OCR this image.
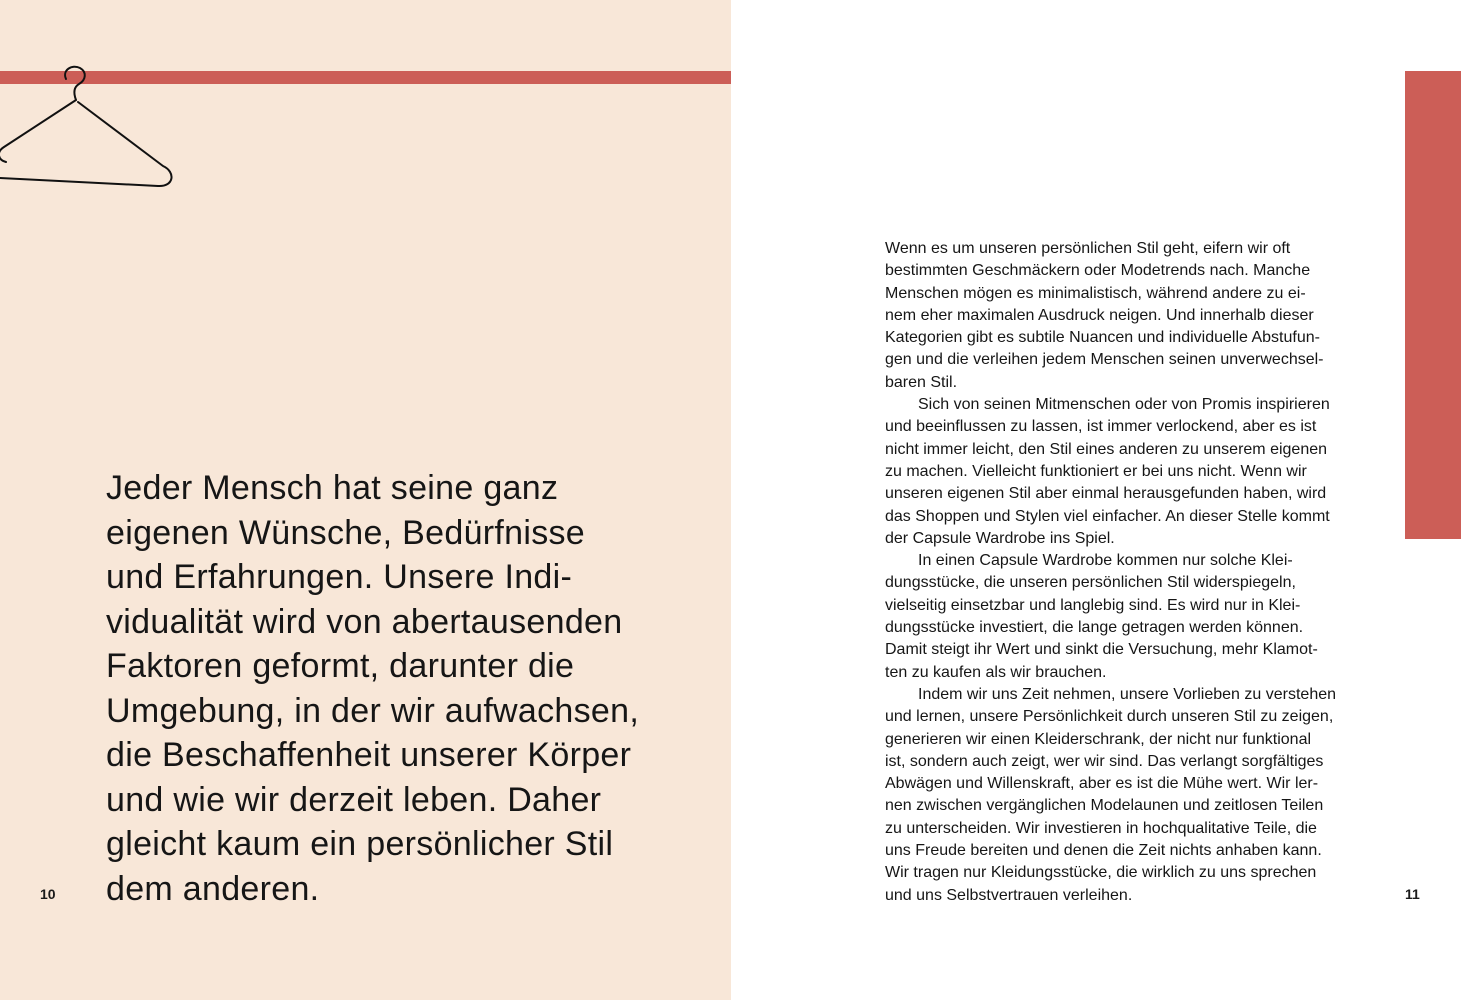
Jeder Mensch hat seine ganz
eigenen Wünsche, Bedürfnisse
und Erfahrungen. Unsere Indi-
vidualität wird von abertausenden
Faktoren geformt, darunter die
Umgebung, in der wir aufwachsen,
die Beschaffenheit unserer Körper
und wie wir derzeit leben. Daher
gleicht kaum ein persönlicher Stil
dem anderen.
10
Wenn es um unseren persönlichen Stil geht, eifern wir oft
bestimmten Geschmäckern oder Modetrends nach. Manche
Menschen mögen es minimalistisch, während andere zu ei-
nem eher maximalen Ausdruck neigen. Und innerhalb dieser
Kategorien gibt es subtile Nuancen und individuelle Abstufun-
gen und die verleihen jedem Menschen seinen unverwechsel-
baren Stil.
Sich von seinen Mitmenschen oder von Promis inspirieren
und beeinflussen zu lassen, ist immer verlockend, aber es ist
nicht immer leicht, den Stil eines anderen zu unserem eigenen
zu machen. Vielleicht funktioniert er bei uns nicht. Wenn wir
unseren eigenen Stil aber einmal herausgefunden haben, wird
das Shoppen und Stylen viel einfacher. An dieser Stelle kommt
der Capsule Wardrobe ins Spiel.
In einen Capsule Wardrobe kommen nur solche Klei-
dungsstücke, die unseren persönlichen Stil widerspiegeln,
vielseitig einsetzbar und langlebig sind. Es wird nur in Klei-
dungsstücke investiert, die lange getragen werden können.
Damit steigt ihr Wert und sinkt die Versuchung, mehr Klamot-
ten zu kaufen als wir brauchen.
Indem wir uns Zeit nehmen, unsere Vorlieben zu verstehen
und lernen, unsere Persönlichkeit durch unseren Stil zu zeigen,
generieren wir einen Kleiderschrank, der nicht nur funktional
ist, sondern auch zeigt, wer wir sind. Das verlangt sorgfältiges
Abwägen und Willenskraft, aber es ist die Mühe wert. Wir ler-
nen zwischen vergänglichen Modelaunen und zeitlosen Teilen
zu unterscheiden. Wir investieren in hochqualitative Teile, die
uns Freude bereiten und denen die Zeit nichts anhaben kann.
Wir tragen nur Kleidungsstücke, die wirklich zu uns sprechen
und uns Selbstvertrauen verleihen.	11
